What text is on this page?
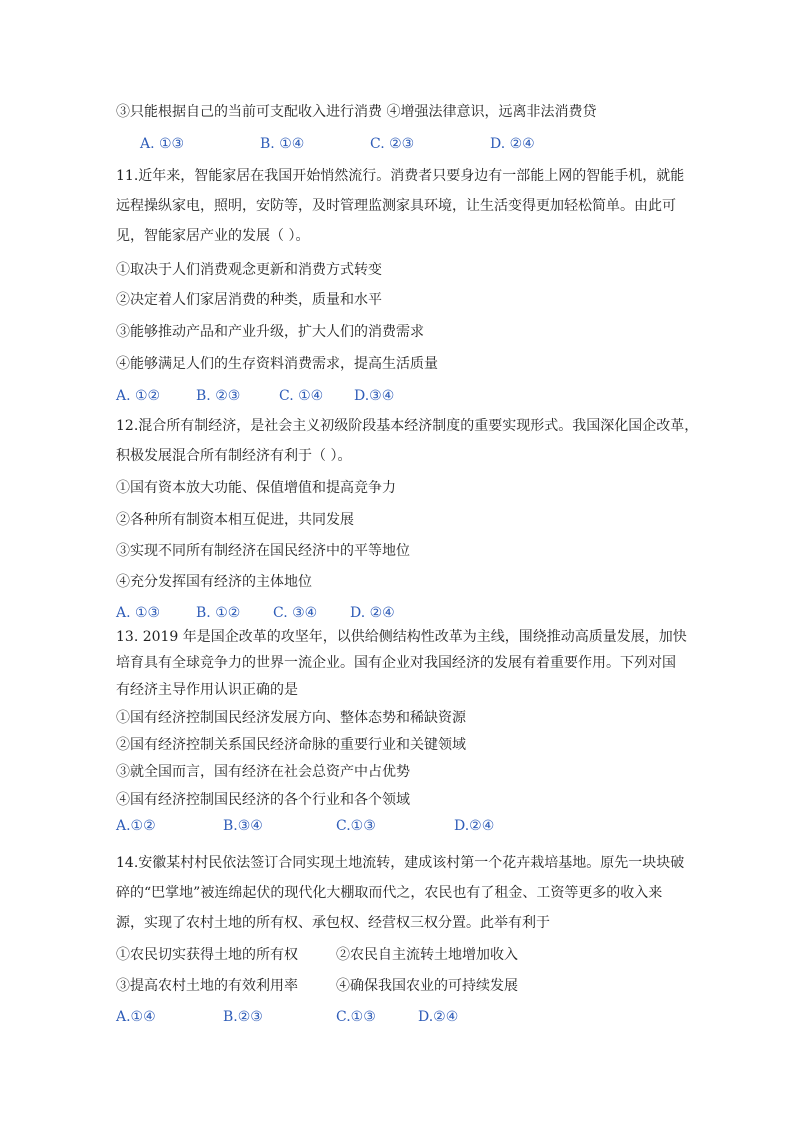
③只能根据自己的当前可支配收入进行消费 ④增强法律意识，远离非法消费贷
A. ①③	B. ①④	C. ②③	D. ②④
11.近年来，智能家居在我国开始悄然流行。消费者只要身边有一部能上网的智能手机，就能
远程操纵家电，照明，安防等，及时管理监测家具环境，让生活变得更加轻松简单。由此可
见，智能家居产业的发展（ ）。
①取决于人们消费观念更新和消费方式转变
②决定着人们家居消费的种类，质量和水平
③能够推动产品和产业升级，扩大人们的消费需求
④能够满足人们的生存资料消费需求，提高生活质量
A. ①②	B. ②③	C. ①④ D.③④
12.混合所有制经济，是社会主义初级阶段基本经济制度的重要实现形式。我国深化国企改革，
积极发展混合所有制经济有利于（ ）。
①国有资本放大功能、保值增值和提高竞争力
②各种所有制资本相互促进，共同发展
③实现不同所有制经济在国民经济中的平等地位
④充分发挥国有经济的主体地位
A. ①③	B. ①② C. ③④ D. ②④
13. 2019 年是国企改革的攻坚年，以供给侧结构性改革为主线，围绕推动高质量发展，加快
培育具有全球竞争力的世界一流企业。国有企业对我国经济的发展有着重要作用。下列对国
有经济主导作用认识正确的是
①国有经济控制国民经济发展方向、整体态势和稀缺资源
②国有经济控制关系国民经济命脉的重要行业和关键领域
③就全国而言，国有经济在社会总资产中占优势
④国有经济控制国民经济的各个行业和各个领域
A.①②	B.③④	C.①③	D.②④
14.安徽某村村民依法签订合同实现土地流转，建成该村第一个花卉栽培基地。原先一块块破
碎的“巴掌地”被连绵起伏的现代化大棚取而代之，农民也有了租金、工资等更多的收入来
源，实现了农村土地的所有权、承包权、经营权三权分置。此举有利于
①农民切实获得土地的所有权	②农民自主流转土地增加收入
③提高农村土地的有效利用率	④确保我国农业的可持续发展
A.①④	B.②③	C.①③	D.②④
